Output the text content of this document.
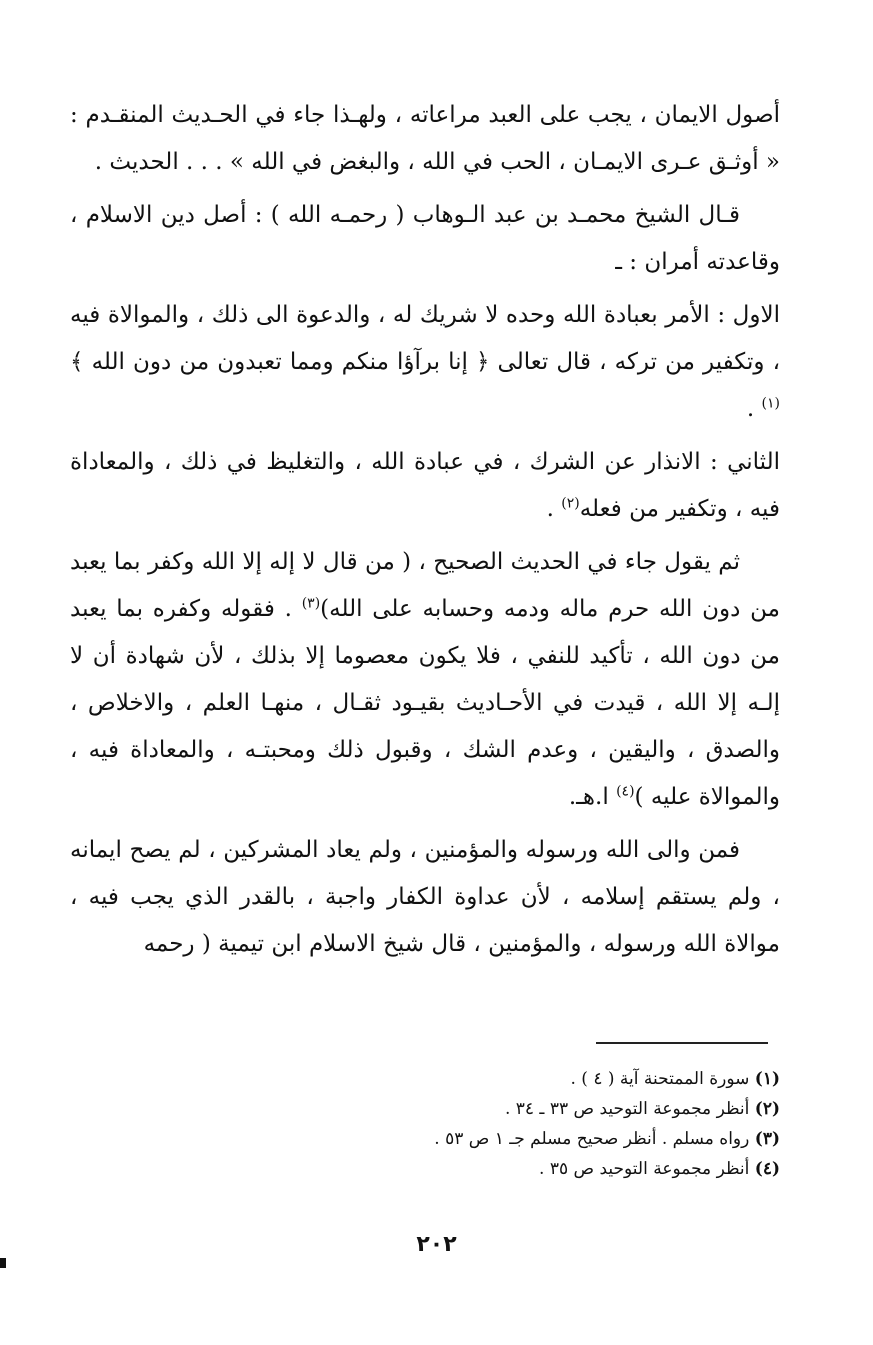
أصول الايمان ، يجب على العبد مراعاته ، ولهـذا جاء في الحـديث المنقـدم : « أوثـق عـرى الايمـان ، الحب في الله ، والبغض في الله » . . . الحديث .

قـال الشيخ محمـد بن عبد الـوهاب ( رحمـه الله ) : أصل دين الاسلام ، وقاعدته أمران : ـ

الاول : الأمر بعبادة الله وحده لا شريك له ، والدعوة الى ذلك ، والموالاة فيه ، وتكفير من تركه ، قال تعالى ﴿ إنا برآؤا منكم ومما تعبدون من دون الله ﴾$^{(١)}$ .

الثاني : الانذار عن الشرك ، في عبادة الله ، والتغليظ في ذلك ، والمعاداة فيه ، وتكفير من فعله$^{(٢)}$ .

ثم يقول جاء في الحديث الصحيح ، ( من قال لا إله إلا الله وكفر بما يعبد من دون الله حرم ماله ودمه وحسابه على الله)$^{(٣)}$ . فقوله وكفره بما يعبد من دون الله ، تأكيد للنفي ، فلا يكون معصوما إلا بذلك ، لأن شهادة أن لا إلـه إلا الله ، قيدت في الأحـاديث بقيـود ثقـال ، منهـا العلم ، والاخلاص ، والصدق ، واليقين ، وعدم الشك ، وقبول ذلك ومحبتـه ، والمعاداة فيه ، والموالاة عليه )$^{(٤)}$ ا.هـ.

فمن والى الله ورسوله والمؤمنين ، ولم يعاد المشركين ، لم يصح ايمانه ، ولم يستقم إسلامه ، لأن عداوة الكفار واجبة ، بالقدر الذي يجب فيه ، موالاة الله ورسوله ، والمؤمنين ، قال شيخ الاسلام ابن تيمية ( رحمه

(١) سورة الممتحنة آية ( ٤ ) .

(٢) أنظر مجموعة التوحيد ص ٣٣ ـ ٣٤ .

(٣) رواه مسلم . أنظر صحيح مسلم جـ ١ ص ٥٣ .

(٤) أنظر مجموعة التوحيد ص ٣٥ .

٢٠٢
